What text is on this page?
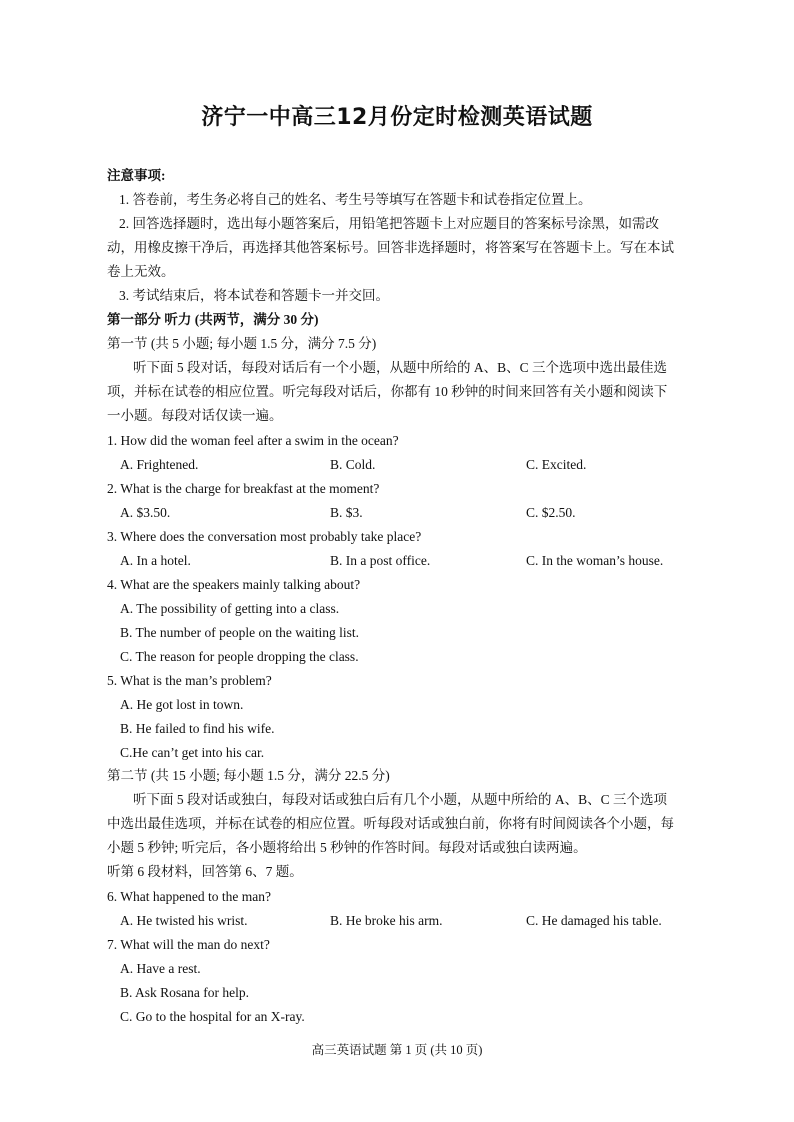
济宁一中高三12月份定时检测英语试题
注意事项:
1. 答卷前，考生务必将自己的姓名、考生号等填写在答题卡和试卷指定位置上。
2. 回答选择题时，选出每小题答案后，用铅笔把答题卡上对应题目的答案标号涂黑，如需改
动，用橡皮擦干净后，再选择其他答案标号。回答非选择题时，将答案写在答题卡上。写在本试
卷上无效。
3. 考试结束后，将本试卷和答题卡一并交回。
第一部分 听力 (共两节，满分 30 分)
第一节 (共 5 小题; 每小题 1.5 分，满分 7.5 分)
听下面 5 段对话，每段对话后有一个小题，从题中所给的 A、B、C 三个选项中选出最佳选
项，并标在试卷的相应位置。听完每段对话后，你都有 10 秒钟的时间来回答有关小题和阅读下
一小题。每段对话仅读一遍。
1. How did the woman feel after a swim in the ocean?
A. Frightened.	B. Cold.	C. Excited.
2. What is the charge for breakfast at the moment?
A. $3.50.	B. $3.	C. $2.50.
3. Where does the conversation most probably take place?
A. In a hotel.	B. In a post office.	C. In the woman’s house.
4. What are the speakers mainly talking about?
A. The possibility of getting into a class.
B. The number of people on the waiting list.
C. The reason for people dropping the class.
5. What is the man’s problem?
A. He got lost in town.
B. He failed to find his wife.
C.He can’t get into his car.
第二节 (共 15 小题; 每小题 1.5 分，满分 22.5 分)
听下面 5 段对话或独白，每段对话或独白后有几个小题，从题中所给的 A、B、C 三个选项
中选出最佳选项，并标在试卷的相应位置。听每段对话或独白前，你将有时间阅读各个小题，每
小题 5 秒钟; 听完后，各小题将给出 5 秒钟的作答时间。每段对话或独白读两遍。
听第 6 段材料，回答第 6、7 题。
6. What happened to the man?
A. He twisted his wrist.	B. He broke his arm.	C. He damaged his table.
7. What will the man do next?
A. Have a rest.
B. Ask Rosana for help.
C. Go to the hospital for an X-ray.
高三英语试题 第 1 页 (共 10 页)
